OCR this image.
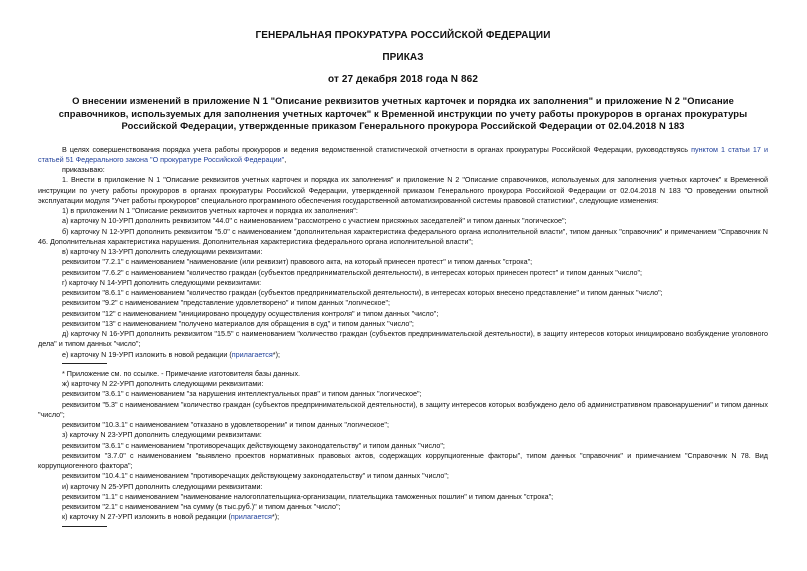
ГЕНЕРАЛЬНАЯ ПРОКУРАТУРА РОССИЙСКОЙ ФЕДЕРАЦИИ
ПРИКАЗ
от 27 декабря 2018 года N 862
О внесении изменений в приложение N 1 "Описание реквизитов учетных карточек и порядка их заполнения" и приложение N 2 "Описание справочников, используемых для заполнения учетных карточек" к Временной инструкции по учету работы прокуроров в органах прокуратуры Российской Федерации, утвержденные приказом Генерального прокурора Российской Федерации от 02.04.2018 N 183

В целях совершенствования порядка учета работы прокуроров и ведения ведомственной статистической отчетности в органах прокуратуры Российской Федерации, руководствуясь пунктом 1 статьи 17 и статьей 51 Федерального закона "О прокуратуре Российской Федерации",

приказываю:

1. Внести в приложение N 1 "Описание реквизитов учетных карточек и порядка их заполнения" и приложение N 2 "Описание справочников, используемых для заполнения учетных карточек" к Временной инструкции по учету работы прокуроров в органах прокуратуры Российской Федерации, утвержденной приказом Генерального прокурора Российской Федерации от 02.04.2018 N 183 "О проведении опытной эксплуатации модуля "Учет работы прокуроров" специального программного обеспечения государственной автоматизированной системы правовой статистики", следующие изменения:

1) в приложении N 1 "Описание реквизитов учетных карточек и порядка их заполнения":

а) карточку N 10-УРП дополнить реквизитом "44.0" с наименованием "рассмотрено с участием присяжных заседателей" и типом данных "логическое";

б) карточку N 12-УРП дополнить реквизитом "5.0" с наименованием "дополнительная характеристика федерального органа исполнительной власти", типом данных "справочник" и примечанием "Справочник N 46. Дополнительная характеристика нарушения. Дополнительная характеристика федерального органа исполнительной власти";

в) карточку N 13-УРП дополнить следующими реквизитами:

реквизитом "7.2.1" с наименованием "наименование (или реквизит) правового акта, на который принесен протест" и типом данных "строка";

реквизитом "7.6.2" с наименованием "количество граждан (субъектов предпринимательской деятельности), в интересах которых принесен протест" и типом данных "число";

г) карточку N 14-УРП дополнить следующими реквизитами:

реквизитом "8.6.1" с наименованием "количество граждан (субъектов предпринимательской деятельности), в интересах которых внесено представление" и типом данных "число";

реквизитом "9.2" с наименованием "представление удовлетворено" и типом данных "логическое";

реквизитом "12" с наименованием "инициировано процедуру осуществления контроля" и типом данных "число";

реквизитом "13" с наименованием "получено материалов для обращения в суд" и типом данных "число";

д) карточку N 16-УРП дополнить реквизитом "15.5" с наименованием "количество граждан (субъектов предпринимательской деятельности), в защиту интересов которых инициировано возбуждение уголовного дела" и типом данных "число";

е) карточку N 19-УРП изложить в новой редакции (прилагается*);

* Приложение см. по ссылке. - Примечание изготовителя базы данных.

ж) карточку N 22-УРП дополнить следующими реквизитами:

реквизитом "3.6.1" с наименованием "за нарушения интеллектуальных прав" и типом данных "логическое";

реквизитом "5.3" с наименованием "количество граждан (субъектов предпринимательской деятельности), в защиту интересов которых возбуждено дело об административном правонарушении" и типом данных "число";

реквизитом "10.3.1" с наименованием "отказано в удовлетворении" и типом данных "логическое";

з) карточку N 23-УРП дополнить следующими реквизитами:

реквизитом "3.6.1" с наименованием "противоречащих действующему законодательству" и типом данных "число";

реквизитом "3.7.0" с наименованием "выявлено проектов нормативных правовых актов, содержащих коррупциогенные факторы", типом данных "справочник" и примечанием "Справочник N 78. Вид коррупциогенного фактора";

реквизитом "10.4.1" с наименованием "противоречащих действующему законодательству" и типом данных "число";

и) карточку N 25-УРП дополнить следующими реквизитами:

реквизитом "1.1" с наименованием "наименование налогоплательщика-организации, плательщика таможенных пошлин" и типом данных "строка";

реквизитом "2.1" с наименованием "на сумму (в тыс.руб.)" и типом данных "число";

к) карточку N 27-УРП изложить в новой редакции (прилагается*);
